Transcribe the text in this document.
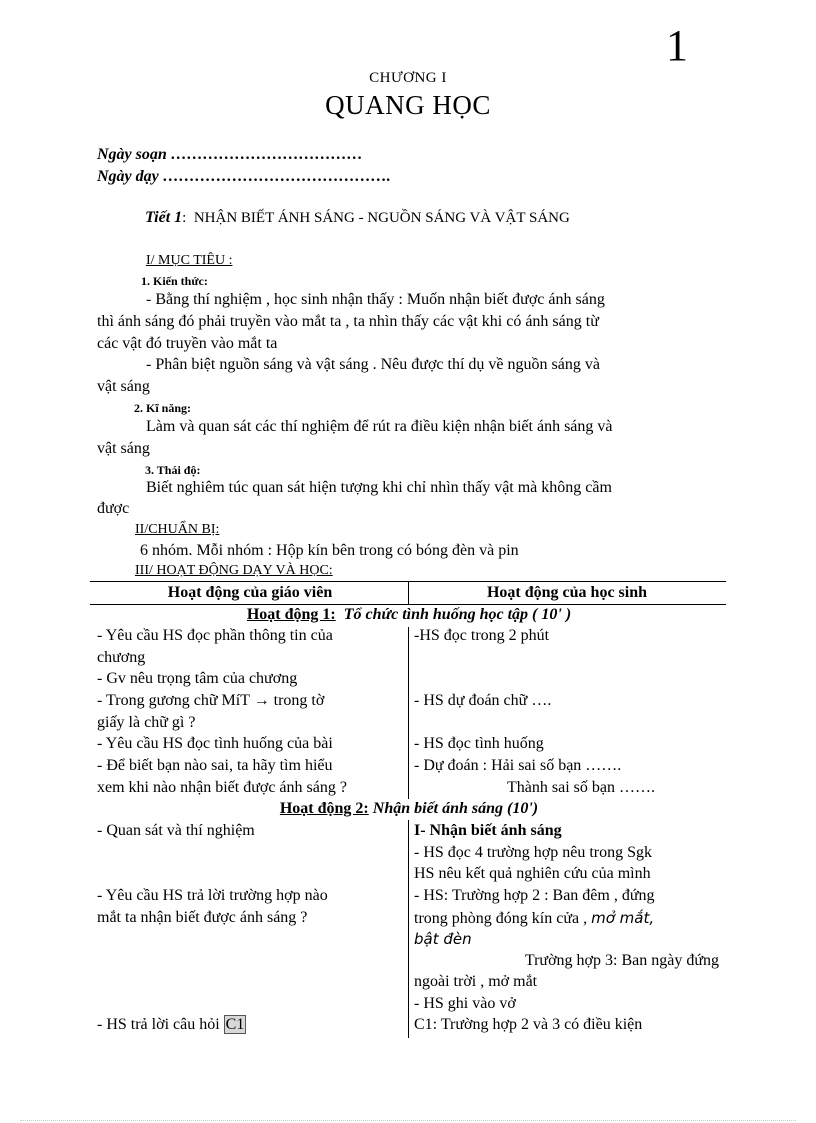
1
CHƯƠNG I
QUANG HỌC
Ngày soạn ………………………………
Ngày dạy …………………………………….
Tiết 1: NHẬN BIẾT ÁNH SÁNG - NGUỒN SÁNG VÀ VẬT SÁNG
I/ MỤC TIÊU :
1. Kiến thức:
- Bằng thí nghiệm , học sinh nhận thấy : Muốn nhận biết được ánh sáng
thì ánh sáng đó phải truyền vào mắt ta , ta nhìn thấy các vật khi có ánh sáng từ
các vật đó truyền vào mắt ta
- Phân biệt nguồn sáng và vật sáng . Nêu được thí dụ về nguồn sáng và
vật sáng
2. Kĩ năng:
Làm và quan sát các thí nghiệm để rút ra điều kiện nhận biết ánh sáng và
vật sáng
3. Thái độ:
Biết nghiêm túc quan sát hiện tượng khi chỉ nhìn thấy vật mà không cầm
được
II/CHUẨN BỊ:
6 nhóm. Mỗi nhóm : Hộp kín bên trong có bóng đèn và pin
III/ HOẠT ĐỘNG DẠY VÀ HỌC:
Hoạt động của giáo viên	Hoạt động của học sinh
Hoạt động 1: Tổ chức tình huống học tập ( 10' )
- Yêu cầu HS đọc phần thông tin của
chương
- Gv nêu trọng tâm của chương
- Trong gương chữ MíT → trong tờ
giấy là chữ gì ?
- Yêu cầu HS đọc tình huống của bài
- Để biết bạn nào sai, ta hãy tìm hiểu
xem khi nào nhận biết được ánh sáng ?
-HS đọc trong 2 phút
- HS dự đoán chữ ….
- HS đọc tình huống
- Dự đoán : Hải sai số bạn …….
Thành sai số bạn …….
Hoạt động 2: Nhận biết ánh sáng (10')
- Quan sát và thí nghiệm
- Yêu cầu HS trả lời trường hợp nào
mắt ta nhận biết được ánh sáng ?
- HS trả lời câu hỏi C1
I- Nhận biết ánh sáng
- HS đọc 4 trường hợp nêu trong Sgk
HS nêu kết quả nghiên cứu của mình
- HS: Trường hợp 2 : Ban đêm , đứng
trong phòng đóng kín cửa , mở mắt,
bật đèn
Trường hợp 3: Ban ngày đứng
ngoài trời , mở mắt
- HS ghi vào vở
C1: Trường hợp 2 và 3 có điều kiện
